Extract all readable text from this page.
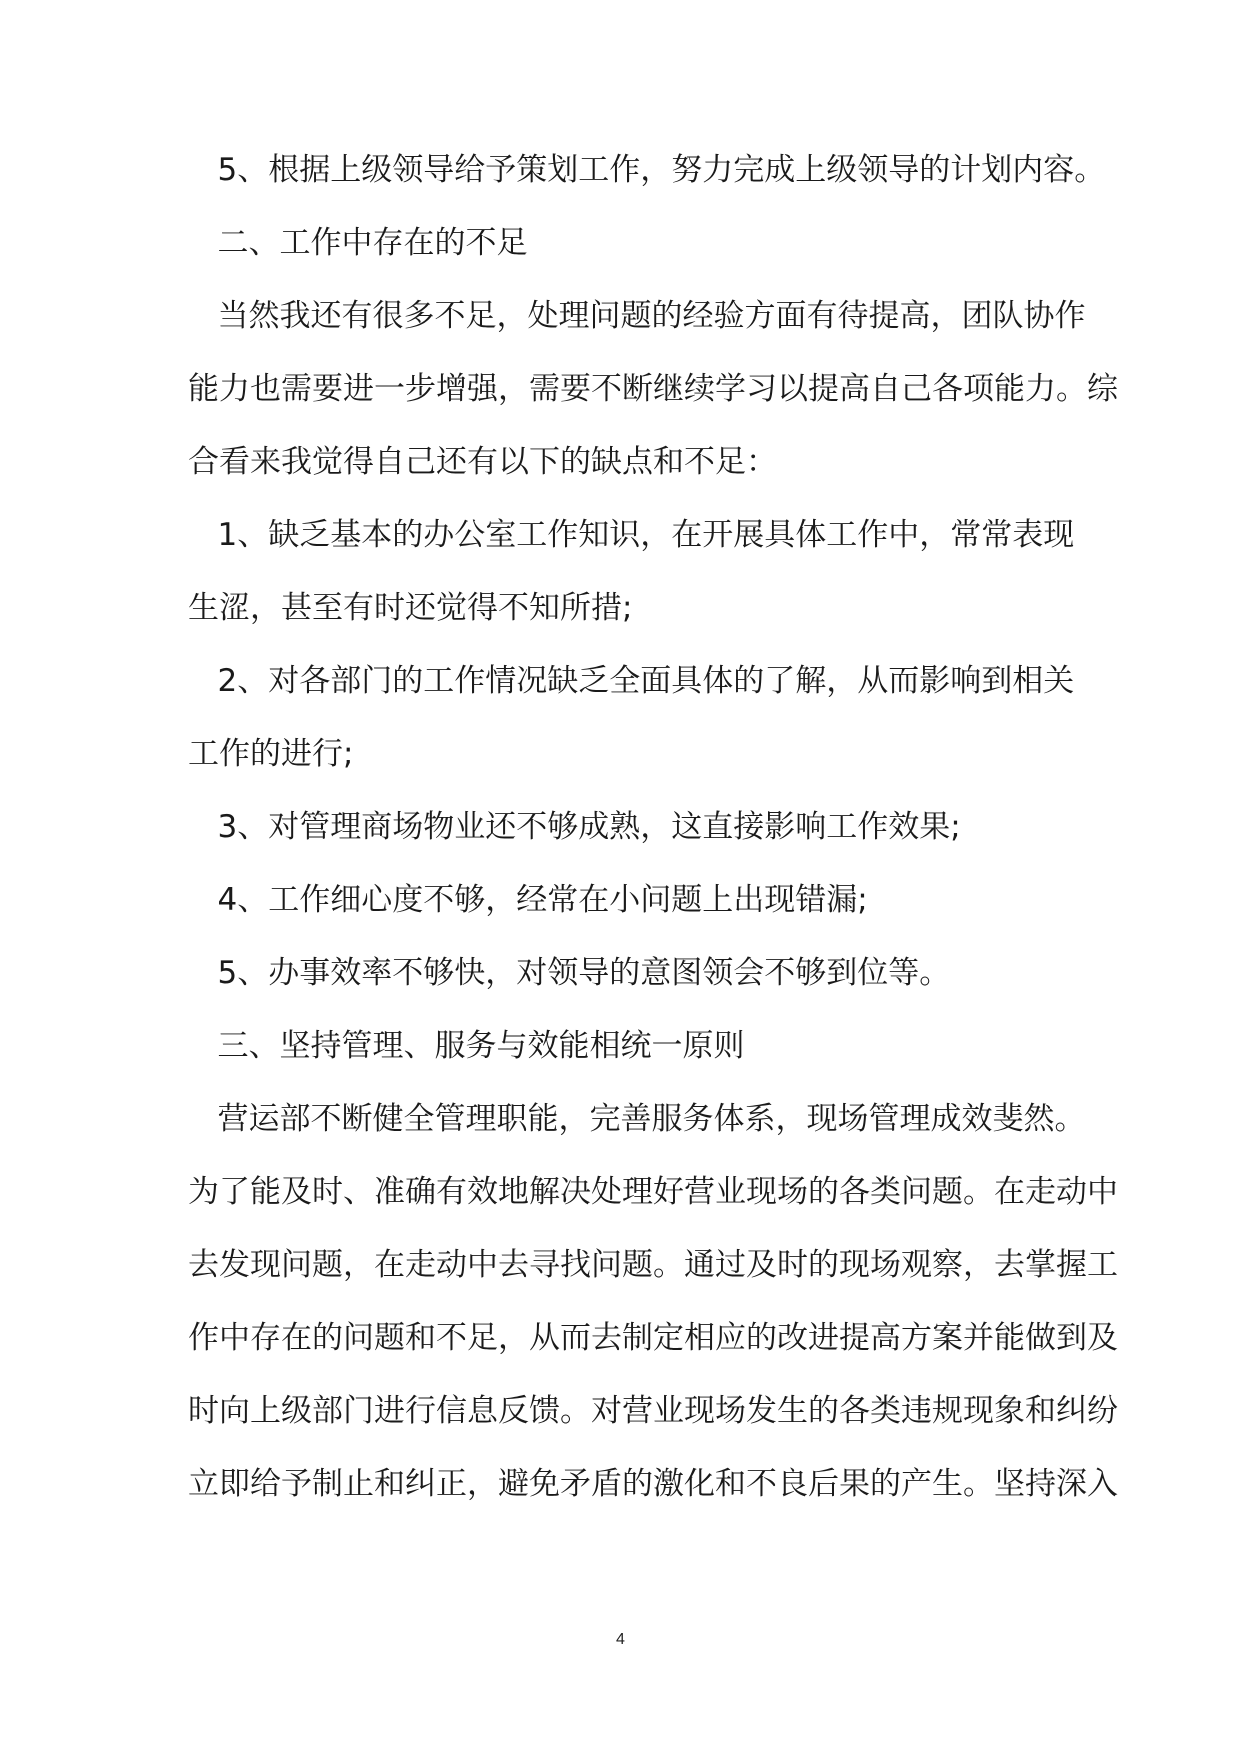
5、根据上级领导给予策划工作，努力完成上级领导的计划内容。

二、工作中存在的不足

当然我还有很多不足，处理问题的经验方面有待提高，团队协作

能力也需要进一步增强，需要不断继续学习以提高自己各项能力。综

合看来我觉得自己还有以下的缺点和不足：

1、缺乏基本的办公室工作知识，在开展具体工作中，常常表现

生涩，甚至有时还觉得不知所措;

2、对各部门的工作情况缺乏全面具体的了解，从而影响到相关

工作的进行;

3、对管理商场物业还不够成熟，这直接影响工作效果;

4、工作细心度不够，经常在小问题上出现错漏;

5、办事效率不够快，对领导的意图领会不够到位等。

三、坚持管理、服务与效能相统一原则

营运部不断健全管理职能，完善服务体系，现场管理成效斐然。

为了能及时、准确有效地解决处理好营业现场的各类问题。在走动中

去发现问题，在走动中去寻找问题。通过及时的现场观察，去掌握工

作中存在的问题和不足，从而去制定相应的改进提高方案并能做到及

时向上级部门进行信息反馈。对营业现场发生的各类违规现象和纠纷

立即给予制止和纠正，避免矛盾的激化和不良后果的产生。坚持深入

4
